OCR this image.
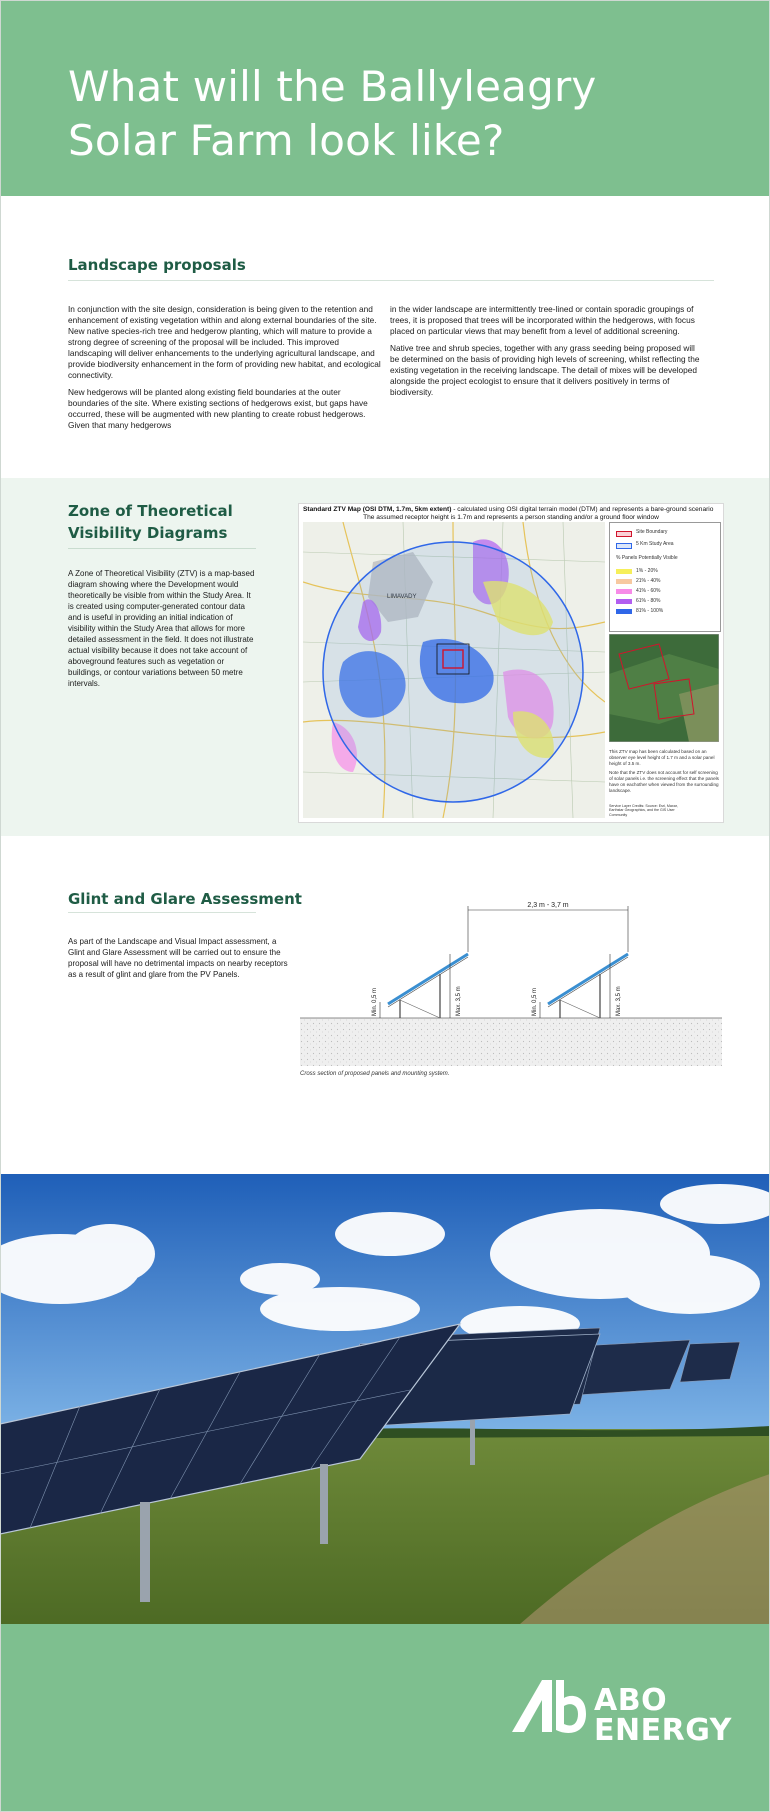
What will the Ballyleagry Solar Farm look like?
Landscape proposals

In conjunction with the site design, consideration is being given to the retention and enhancement of existing vegetation within and along external boundaries of the site. New native species-rich tree and hedgerow planting, which will mature to provide a strong degree of screening of the proposal will be included. This improved landscaping will deliver enhancements to the underlying agricultural landscape, and provide biodiversity enhancement in the form of providing new habitat, and ecological connectivity.

New hedgerows will be planted along existing field boundaries at the outer boundaries of the site. Where existing sections of hedgerows exist, but gaps have occurred, these will be augmented with new planting to create robust hedgerows. Given that many hedgerows

in the wider landscape are intermittently tree-lined or contain sporadic groupings of trees, it is proposed that trees will be incorporated within the hedgerows, with focus placed on particular views that may benefit from a level of additional screening.

Native tree and shrub species, together with any grass seeding being proposed will be determined on the basis of providing high levels of screening, whilst reflecting the existing vegetation in the receiving landscape. The detail of mixes will be developed alongside the project ecologist to ensure that it delivers positively in terms of biodiversity.

Zone of Theoretical
Visibility Diagrams

A Zone of Theoretical Visibility (ZTV) is a map-based diagram showing where the Development would theoretically be visible from within the Study Area. It is created using computer-generated contour data and is useful in providing an initial indication of visibility within the Study Area that allows for more detailed assessment in the field. It does not illustrate actual visibility because it does not take account of aboveground features such as vegetation or buildings, or contour variations between 50 metre intervals.

Standard ZTV Map (OSI DTM, 1.7m, 5km extent) - calculated using OSI digital terrain model (DTM) and represents a bare-ground scenario
The assumed receptor height is 1.7m and represents a person standing and/or a ground floor window
LIMAVADY
Site Boundary
5 Km Study Area
% Panels Potentially Visible
1% - 20%
21% - 40%
41% - 60%
61% - 80%
81% - 100%
This ZTV map has been calculated based on an observer eye level height of 1.7 m and a solar panel height of 3.5 m.
Note that the ZTV does not account for self screening of solar panels i.e. the screening effect that the panels have on eachother when viewed from the surrounding landscape.
Service Layer Credits: Source: Esri, Maxar, Earthstar Geographics, and the GIS User Community
Glint and Glare Assessment

As part of the Landscape and Visual Impact assessment, a Glint and Glare Assessment will be carried out to ensure the proposal will have no detrimental impacts on nearby receptors as a result of glint and glare from the PV Panels.

2,3 m - 3,7 m
Min. 0,5 m	Max. 3,5 m	Min. 0,5 m	Max. 3,5 m
Cross section of proposed panels and mounting system.
ABO
ENERGY
